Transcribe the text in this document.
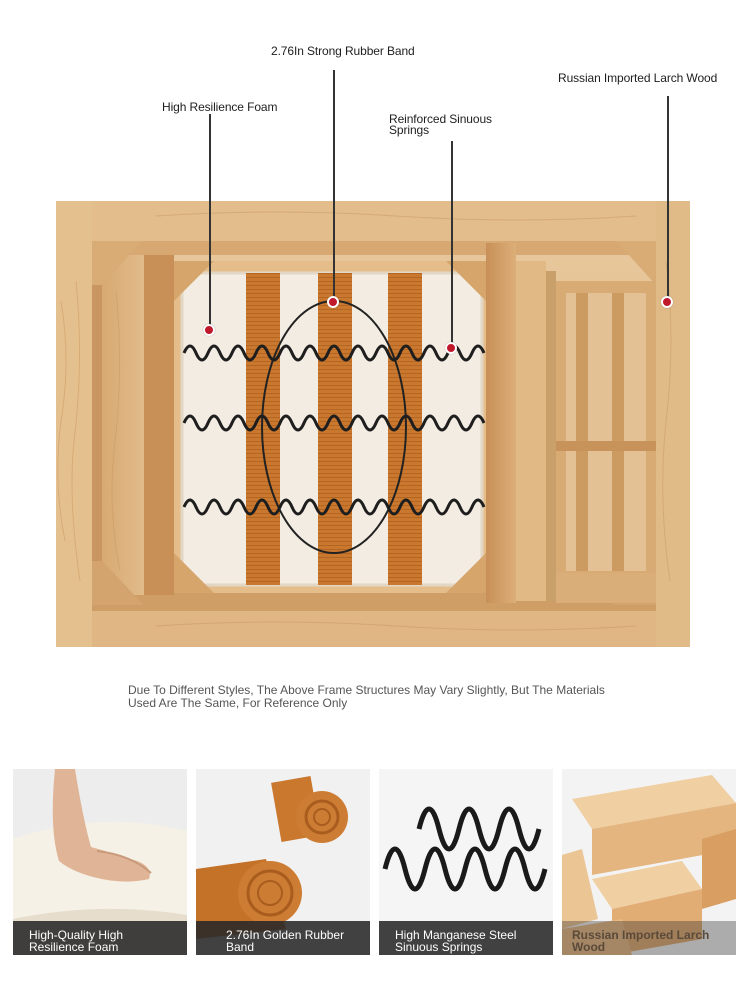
2.76In Strong Rubber Band
Russian Imported Larch Wood
High Resilience Foam
Reinforced Sinuous
Springs
Due To Different Styles, The Above Frame Structures May Vary Slightly, But The Materials Used Are The Same, For Reference Only
High-Quality High
Resilience Foam
2.76In Golden Rubber Band
High Manganese Steel
Sinuous Springs
Russian Imported Larch Wood
